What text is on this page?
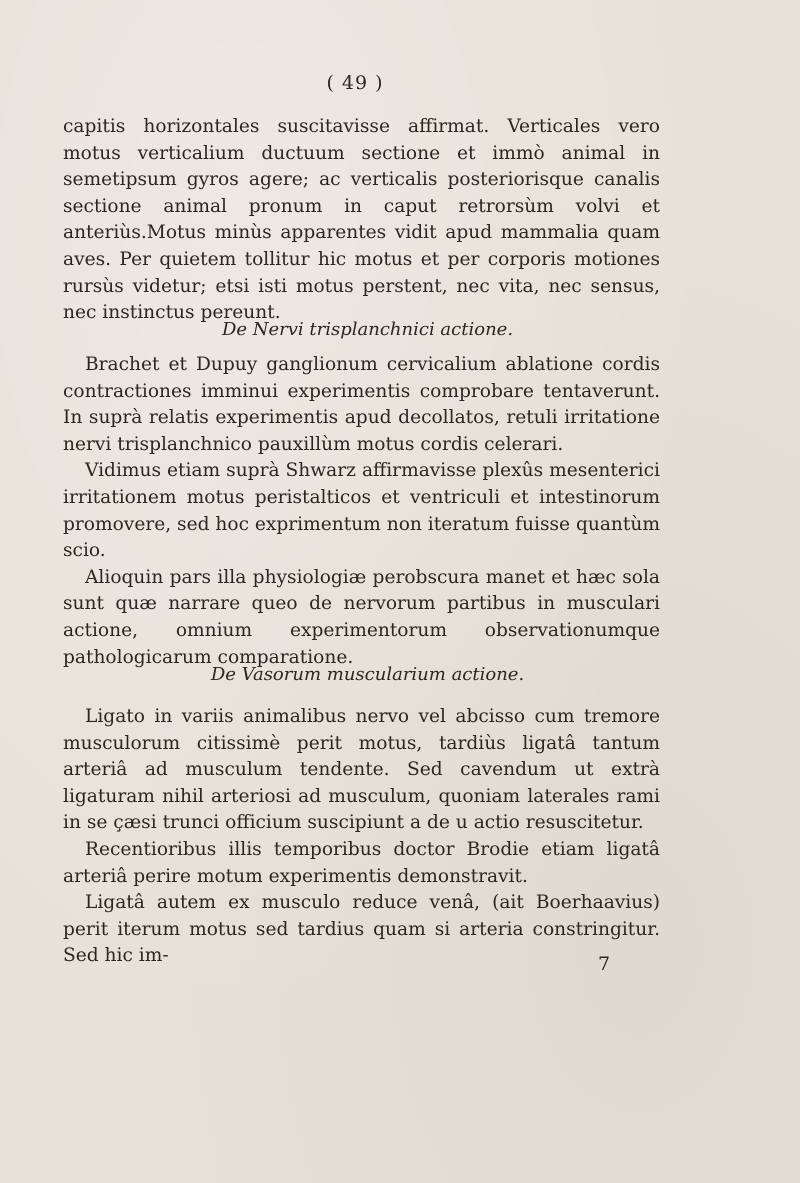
( 49 )

capitis horizontales suscitavisse affirmat. Verticales vero motus verticalium ductuum sectione et immò animal in semetipsum gyros agere; ac verticalis posteriorisque canalis sectione animal pronum in caput retrorsùm volvi et anteriùs.Motus minùs apparentes vidit apud mammalia quam aves. Per quietem tollitur hic motus et per corporis motiones rursùs videtur; etsi isti motus perstent, nec vita, nec sensus, nec instinctus pereunt.

De Nervi trisplanchnici actione.

Brachet et Dupuy ganglionum cervicalium ablatione cordis contractiones imminui experimentis comprobare tentaverunt. In suprà relatis experimentis apud decollatos, retuli irritatione nervi trisplanchnico pauxillùm motus cordis celerari.

Vidimus etiam suprà Shwarz affirmavisse plexûs mesenterici irritationem motus peristalticos et ventriculi et intestinorum promovere, sed hoc exprimentum non iteratum fuisse quantùm scio.

Alioquin pars illa physiologiæ perobscura manet et hæc sola sunt quæ narrare queo de nervorum partibus in musculari actione, omnium experimentorum observationumque pathologicarum comparatione.

De Vasorum muscularium actione.

Ligato in variis animalibus nervo vel abcisso cum tremore musculorum citissimè perit motus, tardiùs ligatâ tantum arteriâ ad musculum tendente. Sed cavendum ut extrà ligaturam nihil arteriosi ad musculum, quoniam laterales rami in se çæsi trunci officium suscipiunt a de u actio resuscitetur.

Recentioribus illis temporibus doctor Brodie etiam ligatâ arteriâ perire motum experimentis demonstravit.

Ligatâ autem ex musculo reduce venâ, (ait Boerhaavius) perit iterum motus sed tardius quam si arteria constringitur. Sed hic im-	7
